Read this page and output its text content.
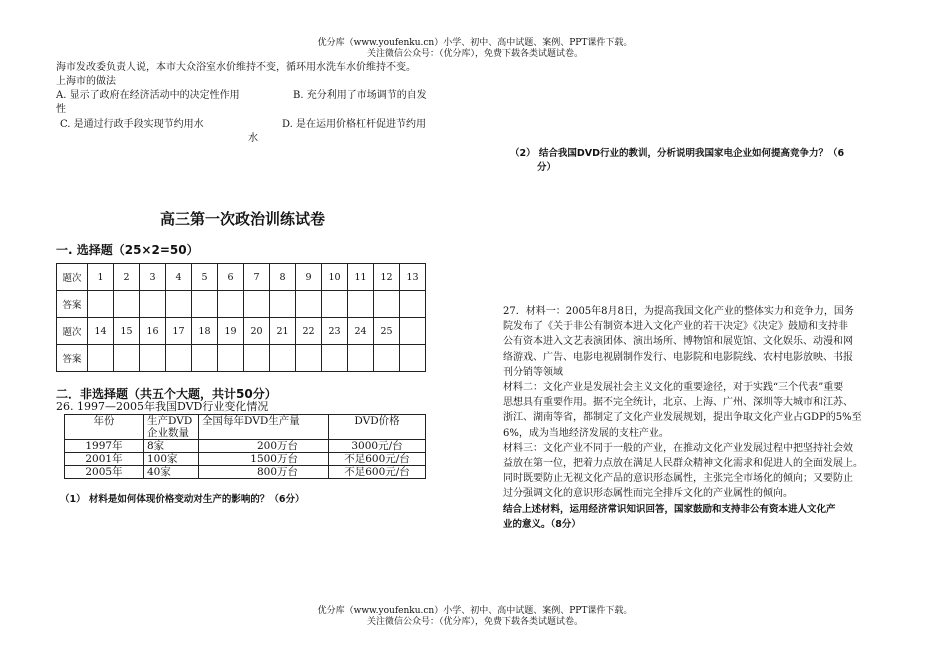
优分库（www.youfenku.cn）小学、初中、高中试题、案例、PPT课件下载。
关注微信公众号：（优分库），免费下载各类试题试卷。
海市发改委负责人说，本市大众浴室水价维持不变，循环用水洗车水价维持不变。
上海市的做法
A. 显示了政府在经济活动中的决定性作用	B. 充分利用了市场调节的自发
性
C. 是通过行政手段实现节约用水	D. 是在运用价格杠杆促进节约用
水
（2） 结合我国DVD行业的教训，分析说明我国家电企业如何提高竞争力？（6
分）
高三第一次政治训练试卷
一. 选择题（25×2=50）
题次	1	2	3	4	5	6	7	8	9	10	11	12	13
答案													
题次	14	15	16	17	18	19	20	21	22	23	24	25	
答案													
二．非选择题（共五个大题，共计50分）
26. 1997—2005年我国DVD行业变化情况
年份	生产DVD企业数量	全国每年DVD生产量	DVD价格
1997年	8家	200万台	3000元/台
2001年	100家	1500万台	不足600元/台
2005年	40家	800万台	不足600元/台
（1） 材料是如何体现价格变动对生产的影响的？（6分）
27．材料一：2005年8月8日，为提高我国文化产业的整体实力和竞争力，国务
院发布了《关于非公有制资本进入文化产业的若干决定》《决定》鼓励和支持非
公有资本进入文艺表演团体、演出场所、博物馆和展览馆、文化娱乐、动漫和网
络游戏、广告、电影电视剧制作发行、电影院和电影院线、农村电影放映、书报
刊分销等领域
材料二：文化产业是发展社会主义文化的重要途径，对于实践“三个代表”重要
思想具有重要作用。据不完全统计，北京、上海、广州、深圳等大城市和江苏、
浙江、湖南等省，都制定了文化产业发展规划，提出争取文化产业占GDP的5%至
6%，成为当地经济发展的支柱产业。
材料三：文化产业不同于一般的产业，在推动文化产业发展过程中把坚持社会效
益放在第一位，把着力点放在满足人民群众精神文化需求和促进人的全面发展上。
同时既要防止无视文化产品的意识形态属性，主张完全市场化的倾向；又要防止
过分强调文化的意识形态属性而完全排斥文化的产业属性的倾向。
结合上述材料，运用经济常识知识回答，国家鼓励和支持非公有资本进人文化产
业的意义。（8分）
优分库（www.youfenku.cn）小学、初中、高中试题、案例、PPT课件下载。
关注微信公众号：（优分库），免费下载各类试题试卷。
